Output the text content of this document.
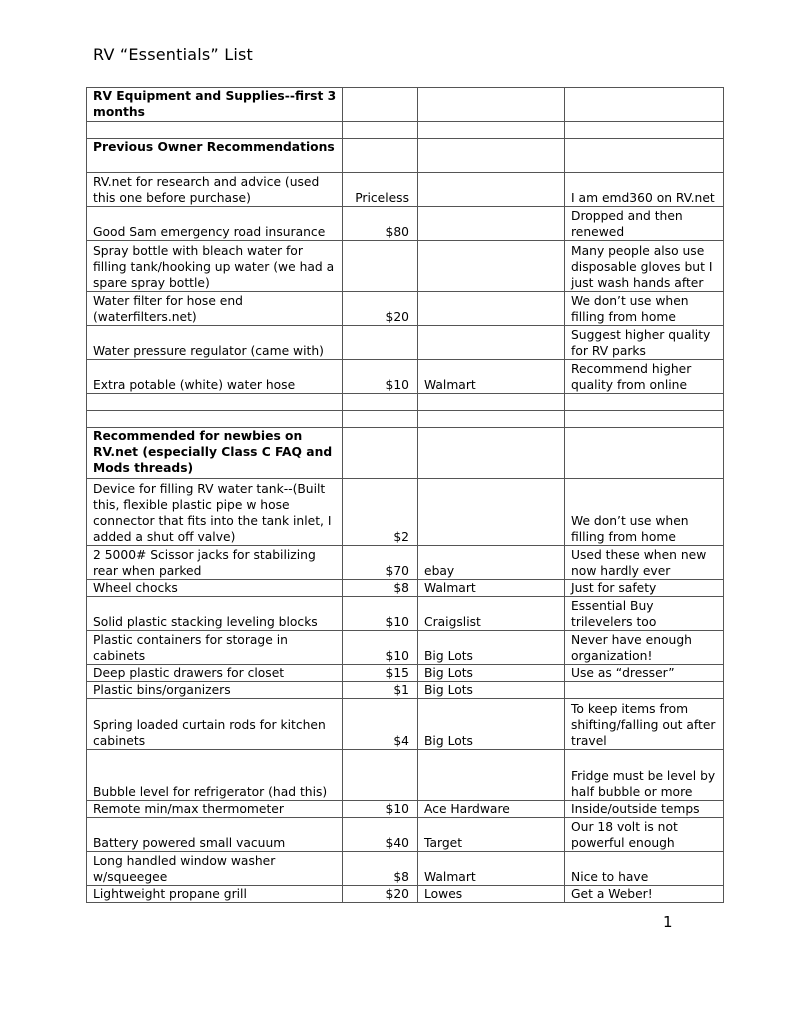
RV “Essentials” List
RV Equipment and Supplies--first 3 months			

Previous Owner Recommendations			
RV.net for research and advice (used this one before purchase)	Priceless		I am emd360 on RV.net
Good Sam emergency road insurance	$80		Dropped and then renewed
Spray bottle with bleach water for filling tank/hooking up water (we had a spare spray bottle)			Many people also use disposable gloves but I just wash hands after
Water filter for hose end (waterfilters.net)	$20		We don’t use when filling from home
Water pressure regulator (came with)			Suggest higher quality for RV parks
Extra potable (white) water hose	$10	Walmart	Recommend higher quality from online

Recommended for newbies on RV.net (especially Class C FAQ and Mods threads)			
Device for filling RV water tank--(Built this, flexible plastic pipe w hose connector that fits into the tank inlet, I added a shut off valve)	$2		We don’t use when filling from home
2 5000# Scissor jacks for stabilizing rear when parked	$70	ebay	Used these when new now hardly ever
Wheel chocks	$8	Walmart	Just for safety
Solid plastic stacking leveling blocks	$10	Craigslist	Essential Buy trilevelers too
Plastic containers for storage in cabinets	$10	Big Lots	Never have enough organization!
Deep plastic drawers for closet	$15	Big Lots	Use as “dresser”
Plastic bins/organizers	$1	Big Lots	
Spring loaded curtain rods for kitchen cabinets	$4	Big Lots	To keep items from shifting/falling out after travel
Bubble level for refrigerator (had this)			Fridge must be level by half bubble or more
Remote min/max thermometer	$10	Ace Hardware	Inside/outside temps
Battery powered small vacuum	$40	Target	Our 18 volt is not powerful enough
Long handled window washer w/squeegee	$8	Walmart	Nice to have
Lightweight propane grill	$20	Lowes	Get a Weber!
1
